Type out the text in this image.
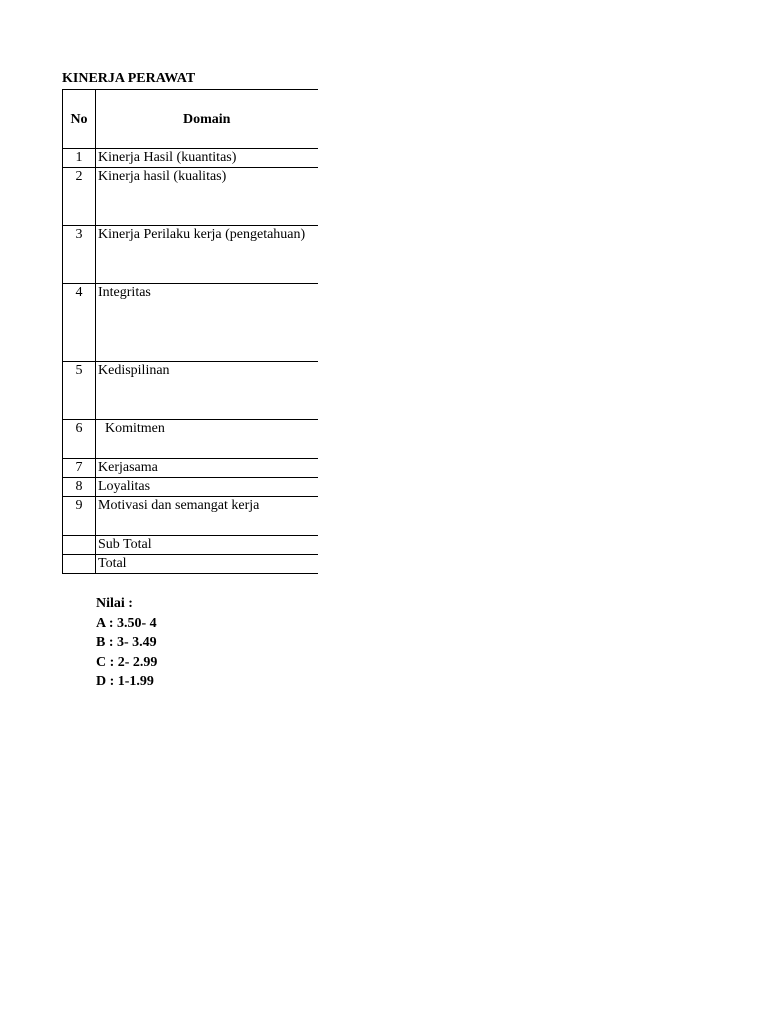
KINERJA PERAWAT
No	Domain
1	Kinerja Hasil (kuantitas)
2	Kinerja hasil (kualitas)
3	Kinerja Perilaku kerja (pengetahuan)
4	Integritas
5	Kedispilinan
6	Komitmen
7	Kerjasama
8	Loyalitas
9	Motivasi dan semangat kerja
	Sub Total
	Total
Nilai :
A : 3.50- 4
B : 3- 3.49
C : 2- 2.99
D : 1-1.99
